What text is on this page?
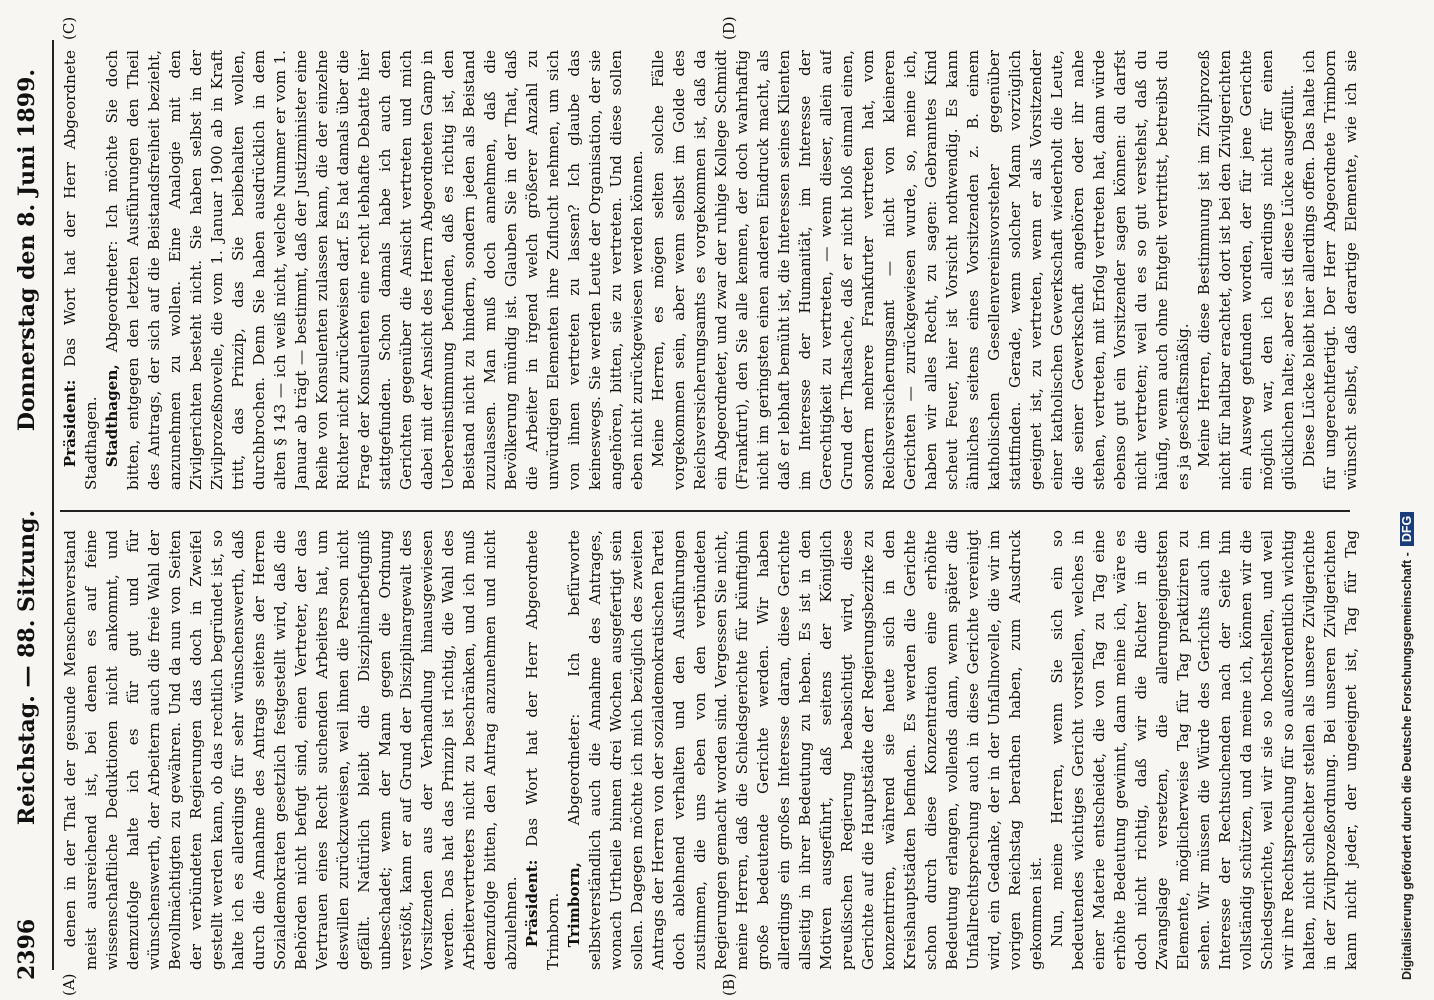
2396
Reichstag. — 88. Sitzung.
Donnerstag den 8. Juni 1899.
(A)	(B)
(C)	(D)

denen in der That der gesunde Menschenverstand meist ausreichend ist, bei denen es auf feine wissenschaftliche Deduktionen nicht ankommt, und demzufolge halte ich es für gut und für wünschenswerth, der Arbeitern auch die freie Wahl der Bevollmächtigten zu gewähren. Und da nun von Seiten der verbündeten Regierungen das doch in Zweifel gestellt werden kann, ob das rechtlich begründet ist, so halte ich es allerdings für sehr wünschenswerth, daß durch die Annahme des Antrags seitens der Herren Sozialdemokraten gesetzlich festgestellt wird, daß die Behörden nicht befugt sind, einen Vertreter, der das Vertrauen eines Recht suchenden Arbeiters hat, um deswillen zurückzuweisen, weil ihnen die Person nicht gefällt. Natürlich bleibt die Disziplinarbefugniß unbeschadet; wenn der Mann gegen die Ordnung verstößt, kann er auf Grund der Disziplinargewalt des Vorsitzenden aus der Verhandlung hinausgewiesen werden. Das hat das Prinzip ist richtig, die Wahl des Arbeitervertreters nicht zu beschränken, und ich muß demzufolge bitten, den Antrag anzunehmen und nicht abzulehnen. Präsident: Das Wort hat der Herr Abgeordnete Trimborn. Trimborn, Abgeordneter: Ich befürworte selbstverständlich auch die Annahme des Antrages, wonach Urtheile binnen drei Wochen ausgefertigt sein sollen. Dagegen möchte ich mich bezüglich des zweiten Antrags der Herren von der sozialdemokratischen Partei doch ablehnend verhalten und den Ausführungen zustimmen, die uns eben von den verbündeten Regierungen gemacht worden sind. Vergessen Sie nicht, meine Herren, daß die Schiedsgerichte für künftighin große bedeutende Gerichte werden. Wir haben allerdings ein großes Interesse daran, diese Gerichte allseitig in ihrer Bedeutung zu heben. Es ist in den Motiven ausgeführt, daß seitens der Königlich preußischen Regierung beabsichtigt wird, diese Gerichte auf die Hauptstädte der Regierungsbezirke zu konzentriren, während sie heute sich in den Kreishauptstädten befinden. Es werden die Gerichte schon durch diese Konzentration eine erhöhte Bedeutung erlangen, vollends dann, wenn später die Unfallrechtsprechung auch in diese Gerichte vereinigt wird, ein Gedanke, der in der Unfallnovelle, die wir im vorigen Reichstag berathen haben, zum Ausdruck gekommen ist. Nun, meine Herren, wenn Sie sich ein so bedeutendes wichtiges Gericht vorstellen, welches in einer Materie entscheidet, die von Tag zu Tag eine erhöhte Bedeutung gewinnt, dann meine ich, wäre es doch nicht richtig, daß wir die Richter in die Zwangslage versetzen, die allerungeeignetsten Elemente, möglicherweise Tag für Tag praktiziren zu sehen. Wir müssen die Würde des Gerichts auch im Interesse der Rechtsuchenden nach der Seite hin vollständig schützen, und da meine ich, können wir die Schiedsgerichte, weil wir sie so hochstellen, und weil wir ihre Rechtsprechung für so außerordentlich wichtig halten, nicht schlechter stellen als unsere Zivilgerichte in der Zivilprozeßordnung. Bei unseren Zivilgerichten kann nicht jeder, der ungeeignet ist, Tag für Tag

Präsident: Das Wort hat der Herr Abgeordnete Stadthagen. Stadthagen, Abgeordneter: Ich möchte Sie doch bitten, entgegen den letzten Ausführungen den Theil des Antrags, der sich auf die Beistandsfreiheit bezieht, anzunehmen zu wollen. Eine Analogie mit den Zivilgerichten besteht nicht. Sie haben selbst in der Zivilprozeßnovelle, die vom 1. Januar 1900 ab in Kraft tritt, das Prinzip, das Sie beibehalten wollen, durchbrochen. Denn Sie haben ausdrücklich in dem alten § 143 — ich weiß nicht, welche Nummer er vom 1. Januar ab trägt — bestimmt, daß der Justizminister eine Reihe von Konsulenten zulassen kann, die der einzelne Richter nicht zurückweisen darf. Es hat damals über die Frage der Konsulenten eine recht lebhafte Debatte hier stattgefunden. Schon damals habe ich auch den Gerichten gegenüber die Ansicht vertreten und mich dabei mit der Ansicht des Herrn Abgeordneten Gamp in Uebereinstimmung befunden, daß es richtig ist, den Beistand nicht zu hindern, sondern jeden als Beistand zuzulassen. Man muß doch annehmen, daß die Bevölkerung mündig ist. Glauben Sie in der That, daß die Arbeiter in irgend welch größerer Anzahl zu unwürdigen Elementen ihre Zuflucht nehmen, um sich von ihnen vertreten zu lassen? Ich glaube das keineswegs. Sie werden Leute der Organisation, der sie angehören, bitten, sie zu vertreten. Und diese sollen eben nicht zurückgewiesen werden können. Meine Herren, es mögen selten solche Fälle vorgekommen sein, aber wenn selbst im Golde des Reichsversicherungsamts es vorgekommen ist, daß da ein Abgeordneter, und zwar der ruhige Kollege Schmidt (Frankfurt), den Sie alle kennen, der doch wahrhaftig nicht im geringsten einen anderen Eindruck macht, als daß er lebhaft bemüht ist, die Interessen seines Klienten im Interesse der Humanität, im Interesse der Gerechtigkeit zu vertreten, — wenn dieser, allein auf Grund der Thatsache, daß er nicht bloß einmal einen, sondern mehrere Frankfurter vertreten hat, vom Reichsversicherungsamt — nicht von kleineren Gerichten — zurückgewiesen wurde, so, meine ich, haben wir alles Recht, zu sagen: Gebranntes Kind scheut Feuer, hier ist Vorsicht nothwendig. Es kann ähnliches seitens eines Vorsitzenden z. B. einem katholischen Gesellenvereinsvorsteher gegenüber stattfinden. Gerade, wenn solcher Mann vorzüglich geeignet ist, zu vertreten, wenn er als Vorsitzender einer katholischen Gewerkschaft wiederholt die Leute, die seiner Gewerkschaft angehören oder ihr nahe stehen, vertreten, mit Erfolg vertreten hat, dann würde ebenso gut ein Vorsitzender sagen können: du darfst nicht vertreten; weil du es so gut verstehst, daß du häufig, wenn auch ohne Entgelt vertrittst, betreibst du es ja geschäftsmäßig. Meine Herren, diese Bestimmung ist im Zivilprozeß nicht für haltbar erachtet, dort ist bei den Zivilgerichten ein Ausweg gefunden worden, der für jene Gerichte möglich war, den ich allerdings nicht für einen glücklichen halte; aber es ist diese Lücke ausgefüllt. Diese Lücke bleibt hier allerdings offen. Das halte ich für ungerechtfertigt. Der Herr Abgeordnete Trimborn wünscht selbst, daß derartige Elemente, wie ich sie

Digitalisierung gefördert durch die Deutsche Forschungsgemeinschaft -DFG
